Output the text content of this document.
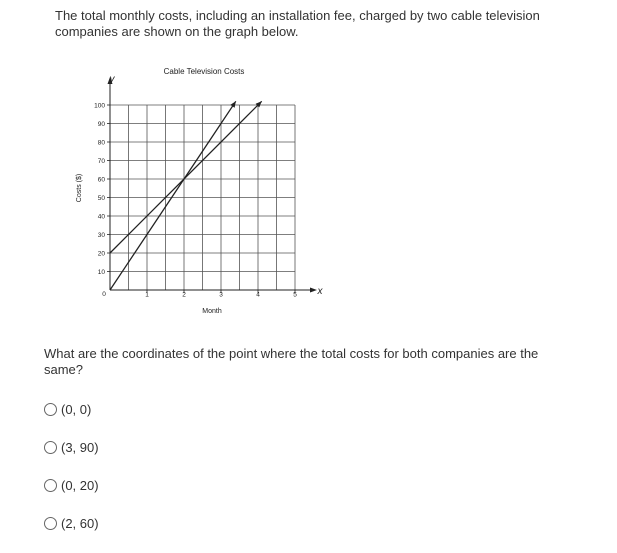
The total monthly costs, including an installation fee, charged by two cable television companies are shown on the graph below.
10
20
30
40
50
60
70
80
90
100
1	2	3	4	5
Cable Television Costs
Month
Costs ($)
y
x
0
What are the coordinates of the point where the total costs for both companies are the same?
(0, 0)
(3, 90)
(0, 20)
(2, 60)
